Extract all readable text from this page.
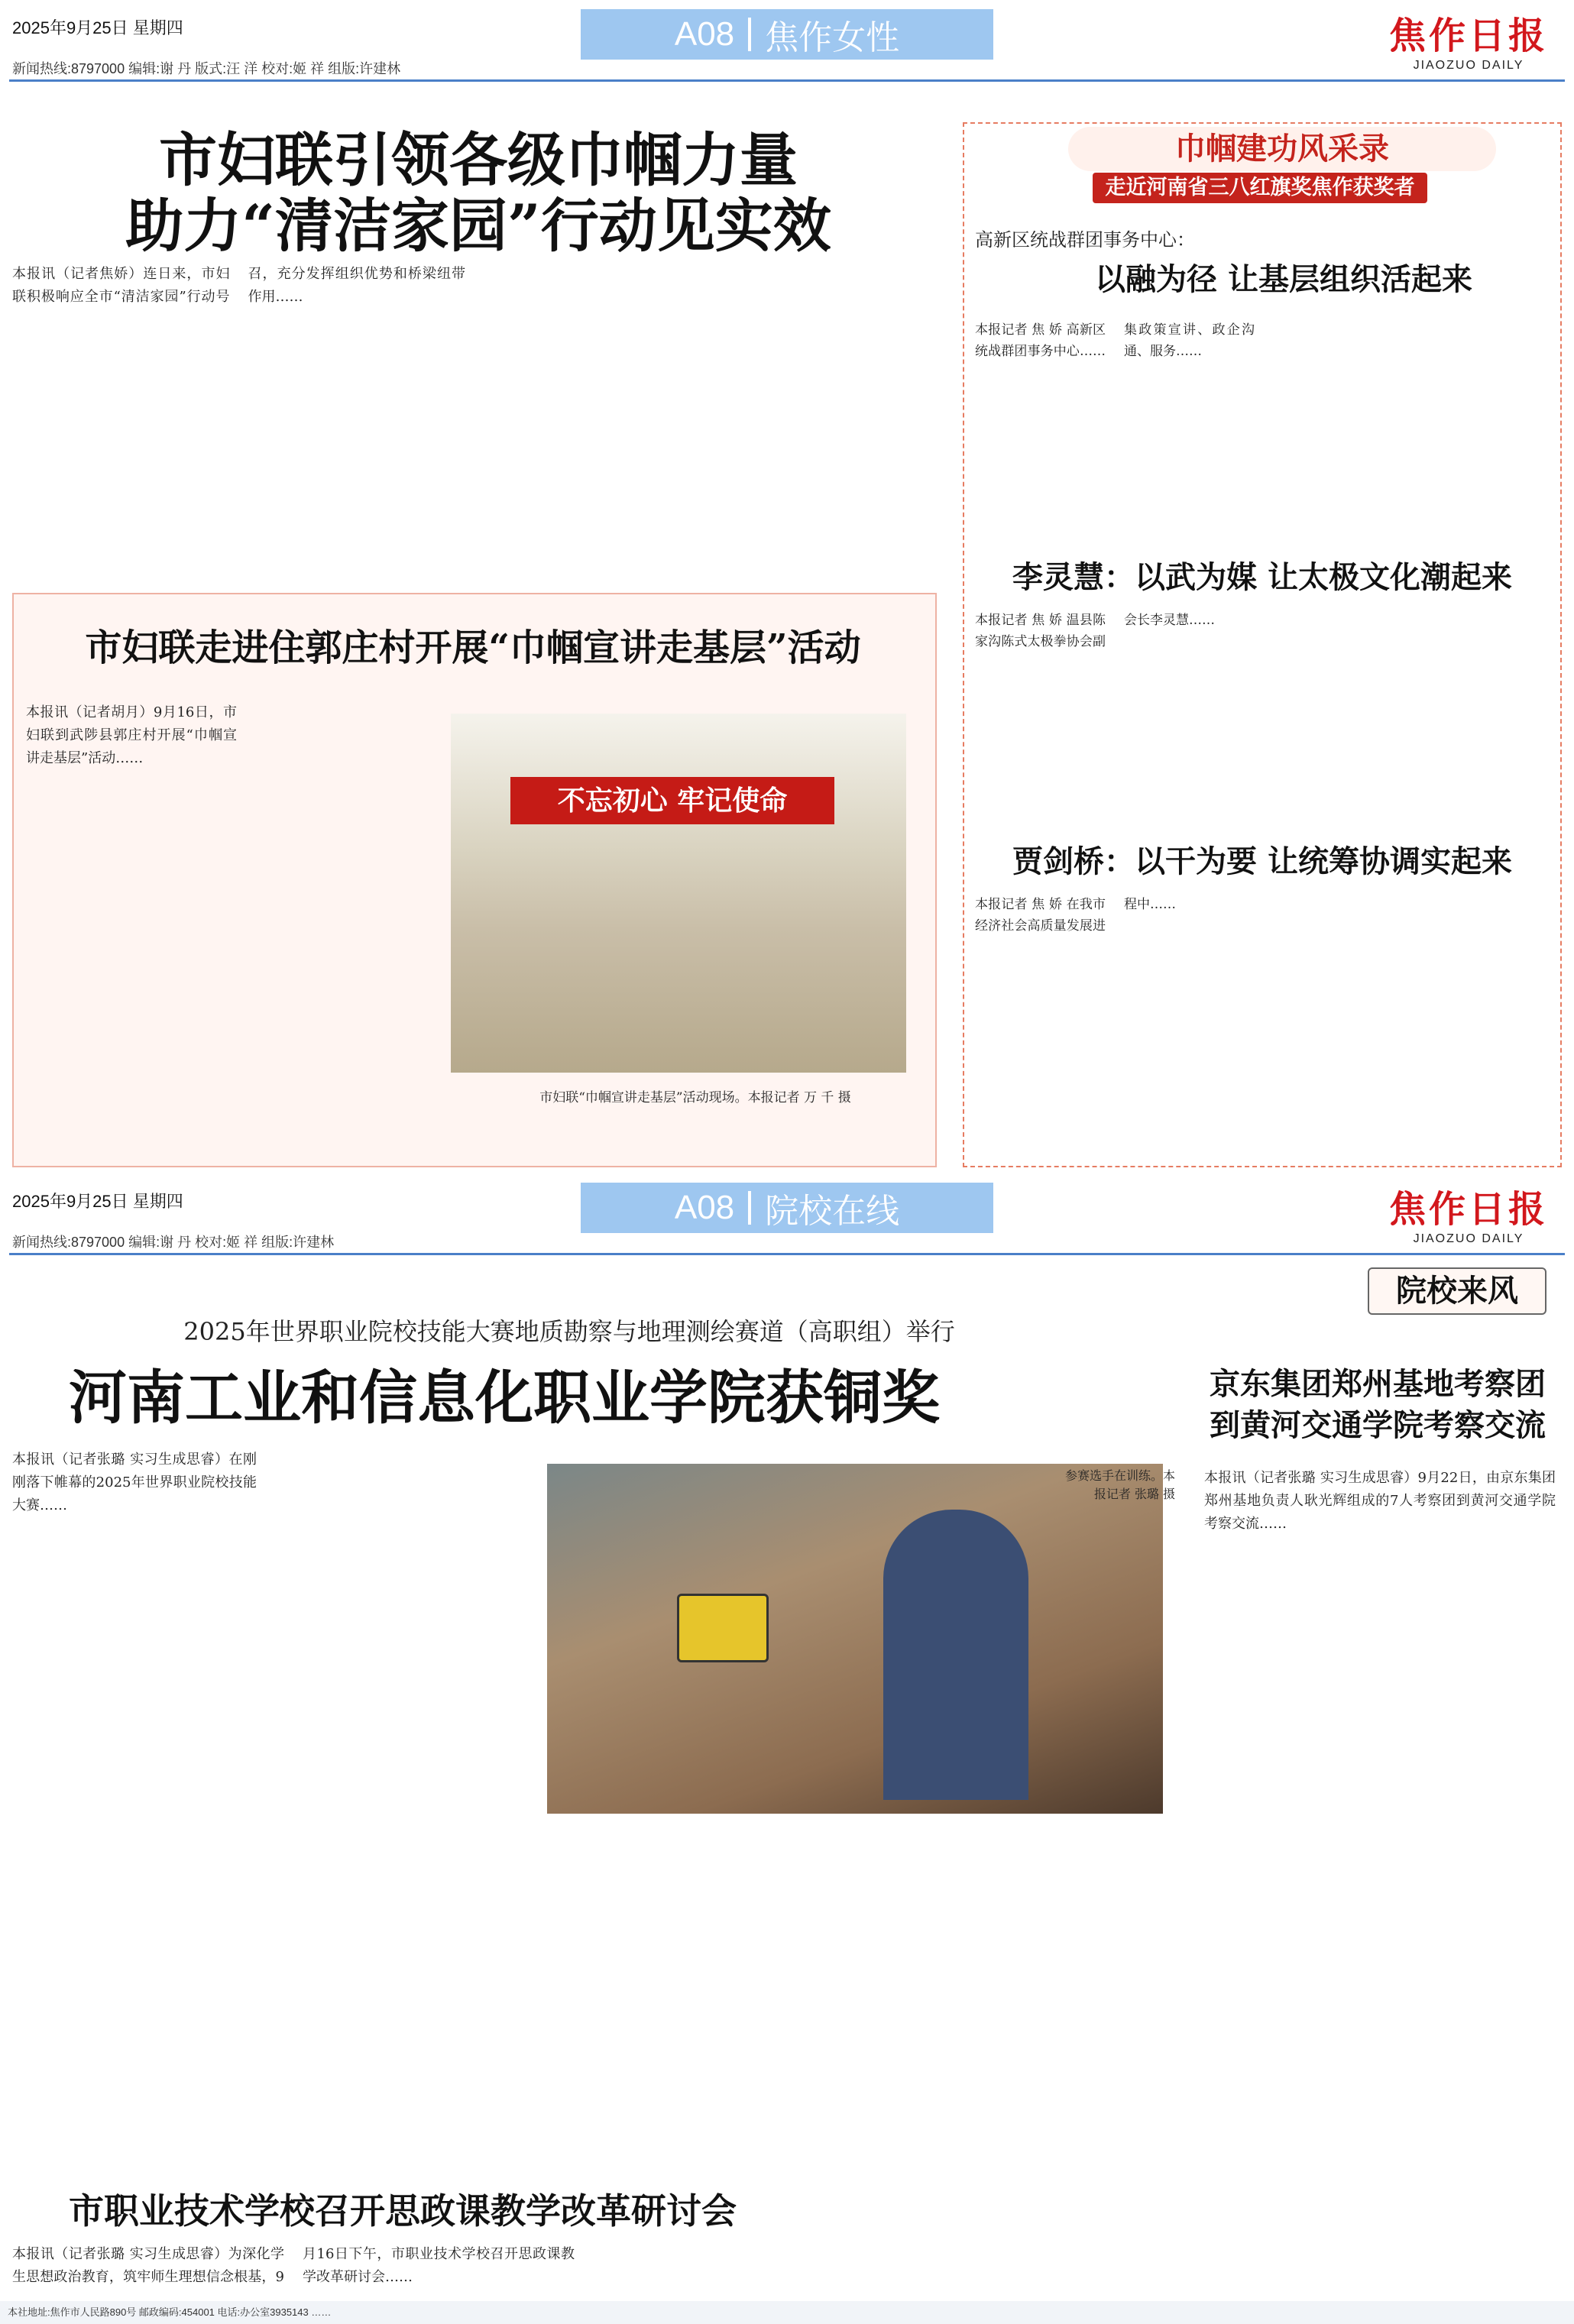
2025年9月25日 星期四	A08 焦作女性	焦作日报
JIAOZUO DAILY
新闻热线:8797000 编辑:谢 丹 版式:汪 洋 校对:姬 祥 组版:许建林
市妇联引领各级巾帼力量
助力“清洁家园”行动见实效
本报讯（记者焦娇）连日来，市妇联积极响应全市“清洁家园”行动号召，充分发挥组织优势和桥梁纽带作用……
市妇联走进住郭庄村开展“巾帼宣讲走基层”活动
本报讯（记者胡月）9月16日，市妇联到武陟县郭庄村开展“巾帼宣讲走基层”活动……
不忘初心 牢记使命
市妇联“巾帼宣讲走基层”活动现场。本报记者 万 千 摄
巾帼建功风采录
走近河南省三八红旗奖焦作获奖者
高新区统战群团事务中心：
以融为径 让基层组织活起来
本报记者 焦 娇 高新区统战群团事务中心…… 集政策宣讲、政企沟通、服务……
李灵慧：以武为媒 让太极文化潮起来
本报记者 焦 娇 温县陈家沟陈式太极拳协会副会长李灵慧……
贾剑桥：以干为要 让统筹协调实起来
本报记者 焦 娇 在我市经济社会高质量发展进程中……
2025年9月25日 星期四	A08 院校在线	焦作日报
JIAOZUO DAILY
新闻热线:8797000 编辑:谢 丹 校对:姬 祥 组版:许建林
2025年世界职业院校技能大赛地质勘察与地理测绘赛道（高职组）举行
河南工业和信息化职业学院获铜奖
本报讯（记者张璐 实习生成思睿）在刚刚落下帷幕的2025年世界职业院校技能大赛……
参赛选手在训练。本报记者 张璐 摄
院校来风
京东集团郑州基地考察团
到黄河交通学院考察交流
本报讯（记者张璐 实习生成思睿）9月22日，由京东集团郑州基地负责人耿光辉组成的7人考察团到黄河交通学院考察交流……
市职业技术学校召开思政课教学改革研讨会
本报讯（记者张璐 实习生成思睿）为深化学生思想政治教育，筑牢师生理想信念根基，9月16日下午，市职业技术学校召开思政课教学改革研讨会……
本社地址:焦作市人民路890号 邮政编码:454001 电话:办公室3935143 ……
